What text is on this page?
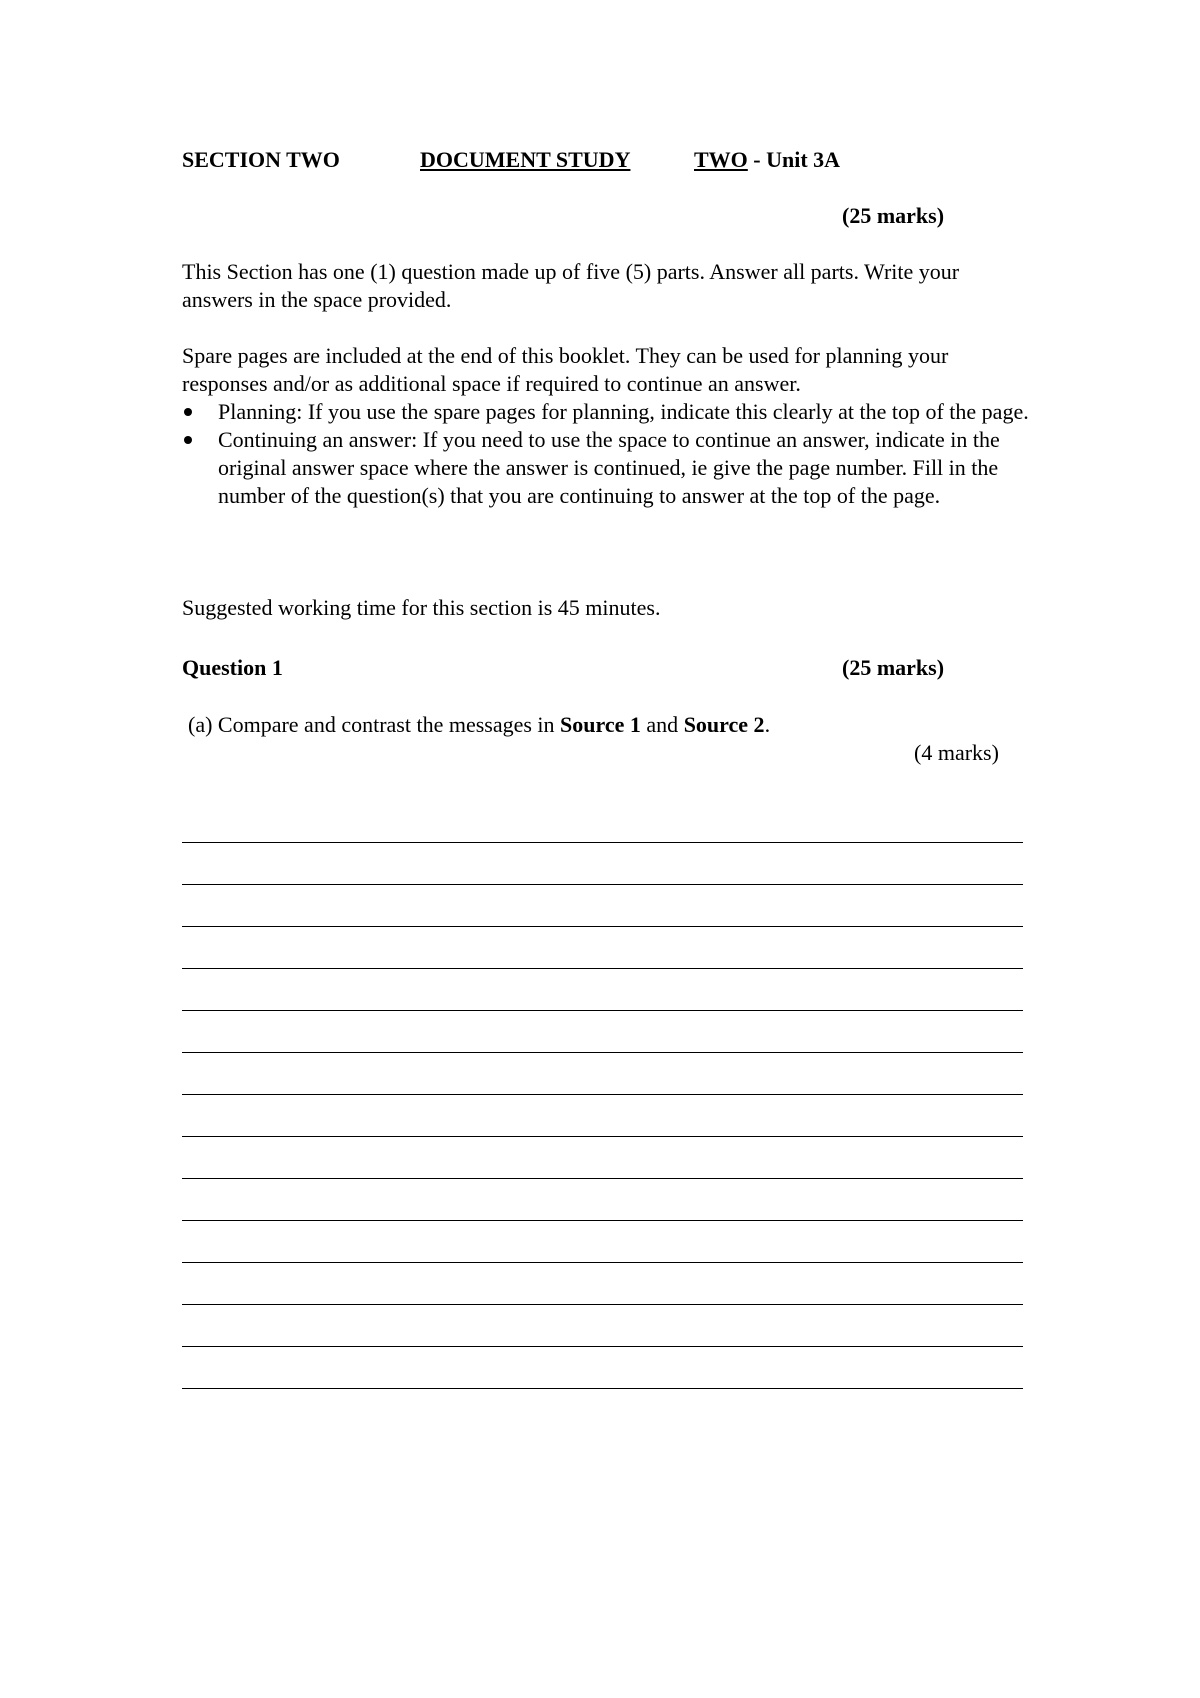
SECTION TWO	DOCUMENT STUDY	TWO - Unit 3A
(25 marks)
This Section has one (1) question made up of five (5) parts. Answer all parts. Write your answers in the space provided.
Spare pages are included at the end of this booklet. They can be used for planning your responses and/or as additional space if required to continue an answer.
Planning: If you use the spare pages for planning, indicate this clearly at the top of the page.
Continuing an answer: If you need to use the space to continue an answer, indicate in the original answer space where the answer is continued, ie give the page number. Fill in the number of the question(s) that you are continuing to answer at the top of the page.
Suggested working time for this section is 45 minutes.
Question 1	(25 marks)
(a) Compare and contrast the messages in Source 1 and Source 2.
(4 marks)
